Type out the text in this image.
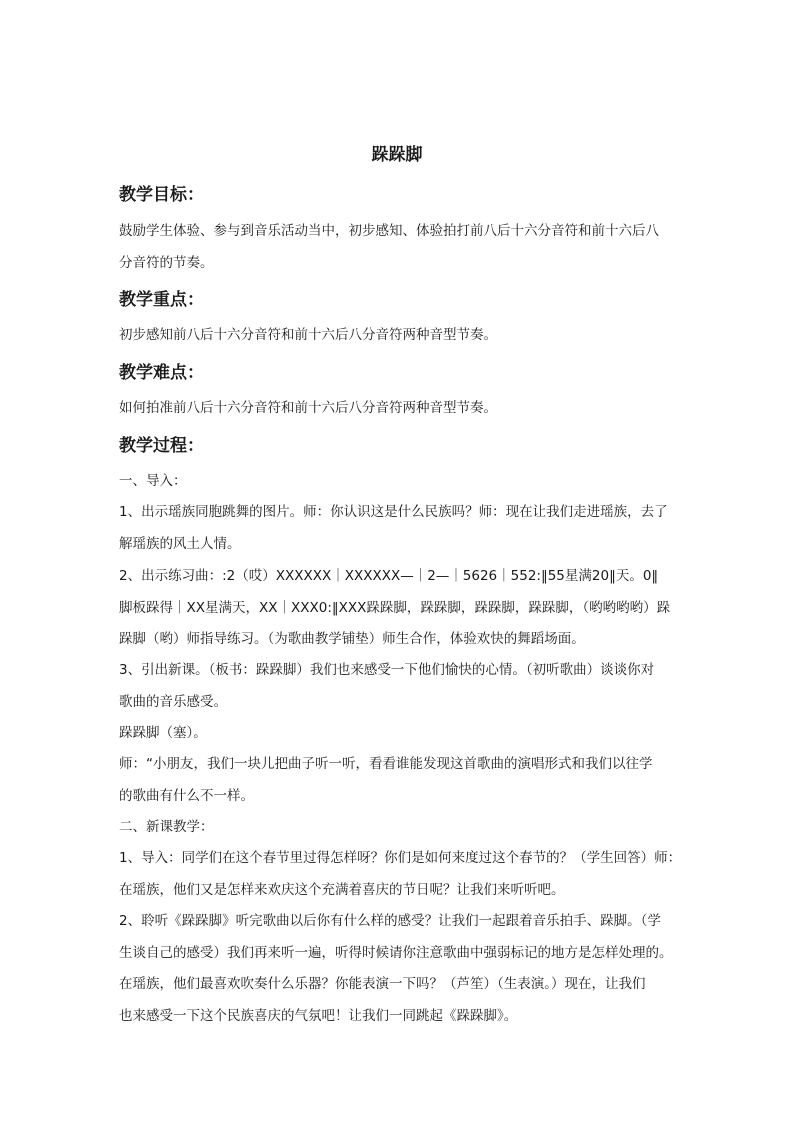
跺跺脚
教学目标：
鼓励学生体验、参与到音乐活动当中，初步感知、体验拍打前八后十六分音符和前十六后八
分音符的节奏。
教学重点：
初步感知前八后十六分音符和前十六后八分音符两种音型节奏。
教学难点：
如何拍准前八后十六分音符和前十六后八分音符两种音型节奏。
教学过程：
一、导入：
1、出示瑶族同胞跳舞的图片。师：你认识这是什么民族吗？师：现在让我们走进瑶族，去了
解瑶族的风土人情。
2、出示练习曲：:2（哎）XXXXXX｜XXXXXX—｜2—｜5626｜552:‖55星满20‖天。0‖
脚板跺得｜XX星满天，XX｜XXX0:‖XXX跺跺脚，跺跺脚，跺跺脚，跺跺脚，（哟哟哟哟）跺
跺脚（哟）师指导练习。（为歌曲教学铺垫）师生合作，体验欢快的舞蹈场面。
3、引出新课。（板书：跺跺脚）我们也来感受一下他们愉快的心情。（初听歌曲）谈谈你对
歌曲的音乐感受。
跺跺脚（塞）。
师：“小朋友，我们一块儿把曲子听一听，看看谁能发现这首歌曲的演唱形式和我们以往学
的歌曲有什么不一样。
二、新课教学：
1、导入：同学们在这个春节里过得怎样呀？你们是如何来度过这个春节的？（学生回答）师：
在瑶族，他们又是怎样来欢庆这个充满着喜庆的节日呢？让我们来听听吧。
2、聆听《跺跺脚》听完歌曲以后你有什么样的感受？让我们一起跟着音乐拍手、跺脚。（学
生谈自己的感受）我们再来听一遍，听得时候请你注意歌曲中强弱标记的地方是怎样处理的。
在瑶族，他们最喜欢吹奏什么乐器？你能表演一下吗？（芦笙）（生表演。）现在，让我们
也来感受一下这个民族喜庆的气氛吧！让我们一同跳起《跺跺脚》。
